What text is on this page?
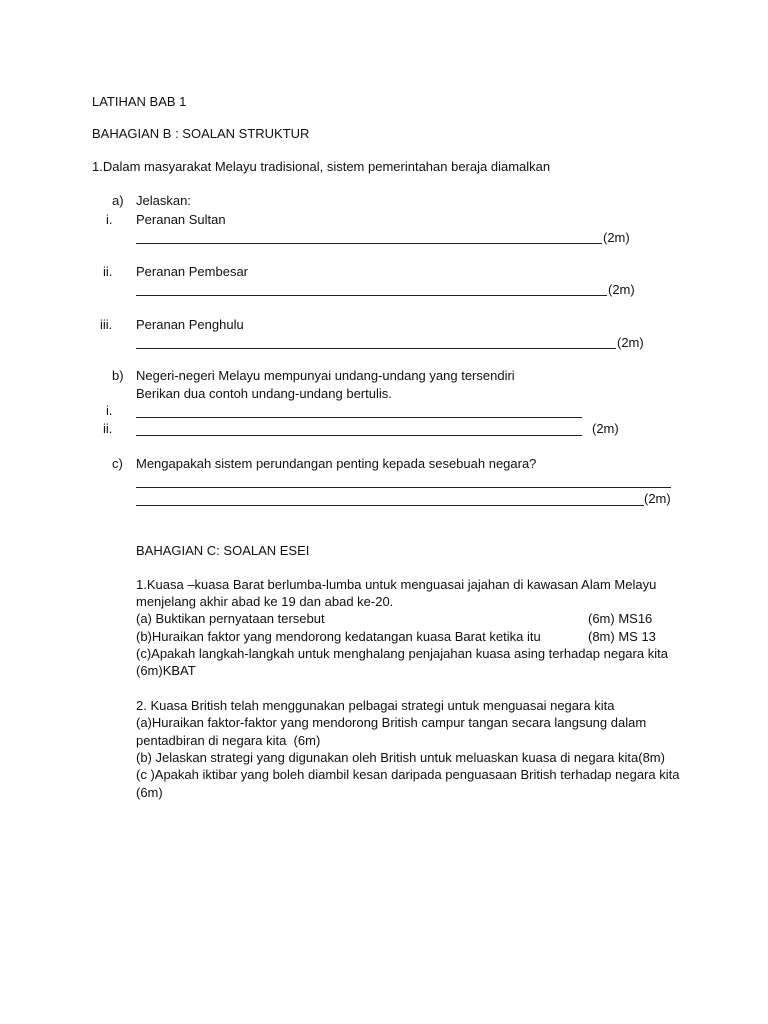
LATIHAN BAB 1
BAHAGIAN B : SOALAN STRUKTUR
1.Dalam masyarakat Melayu tradisional, sistem pemerintahan beraja diamalkan
a) Jelaskan:
i. Peranan Sultan
(2m)
ii. Peranan Pembesar
(2m)
iii. Peranan Penghulu
(2m)
b) Negeri-negeri Melayu mempunyai undang-undang yang tersendiri
Berikan dua contoh undang-undang bertulis.
i.
ii.	(2m)
c) Mengapakah sistem perundangan penting kepada sesebuah negara?
(2m)
BAHAGIAN C: SOALAN ESEI
1.Kuasa –kuasa Barat berlumba-lumba untuk menguasai jajahan di kawasan Alam Melayu
menjelang akhir abad ke 19 dan abad ke-20.
(a) Buktikan pernyataan tersebut	(6m) MS16
(b)Huraikan faktor yang mendorong kedatangan kuasa Barat ketika itu	(8m) MS 13
(c)Apakah langkah-langkah untuk menghalang penjajahan kuasa asing terhadap negara kita
(6m)KBAT
2. Kuasa British telah menggunakan pelbagai strategi untuk menguasai negara kita
(a)Huraikan faktor-faktor yang mendorong British campur tangan secara langsung dalam
pentadbiran di negara kita  (6m)
(b) Jelaskan strategi yang digunakan oleh British untuk meluaskan kuasa di negara kita(8m)
(c )Apakah iktibar yang boleh diambil kesan daripada penguasaan British terhadap negara kita
(6m)
